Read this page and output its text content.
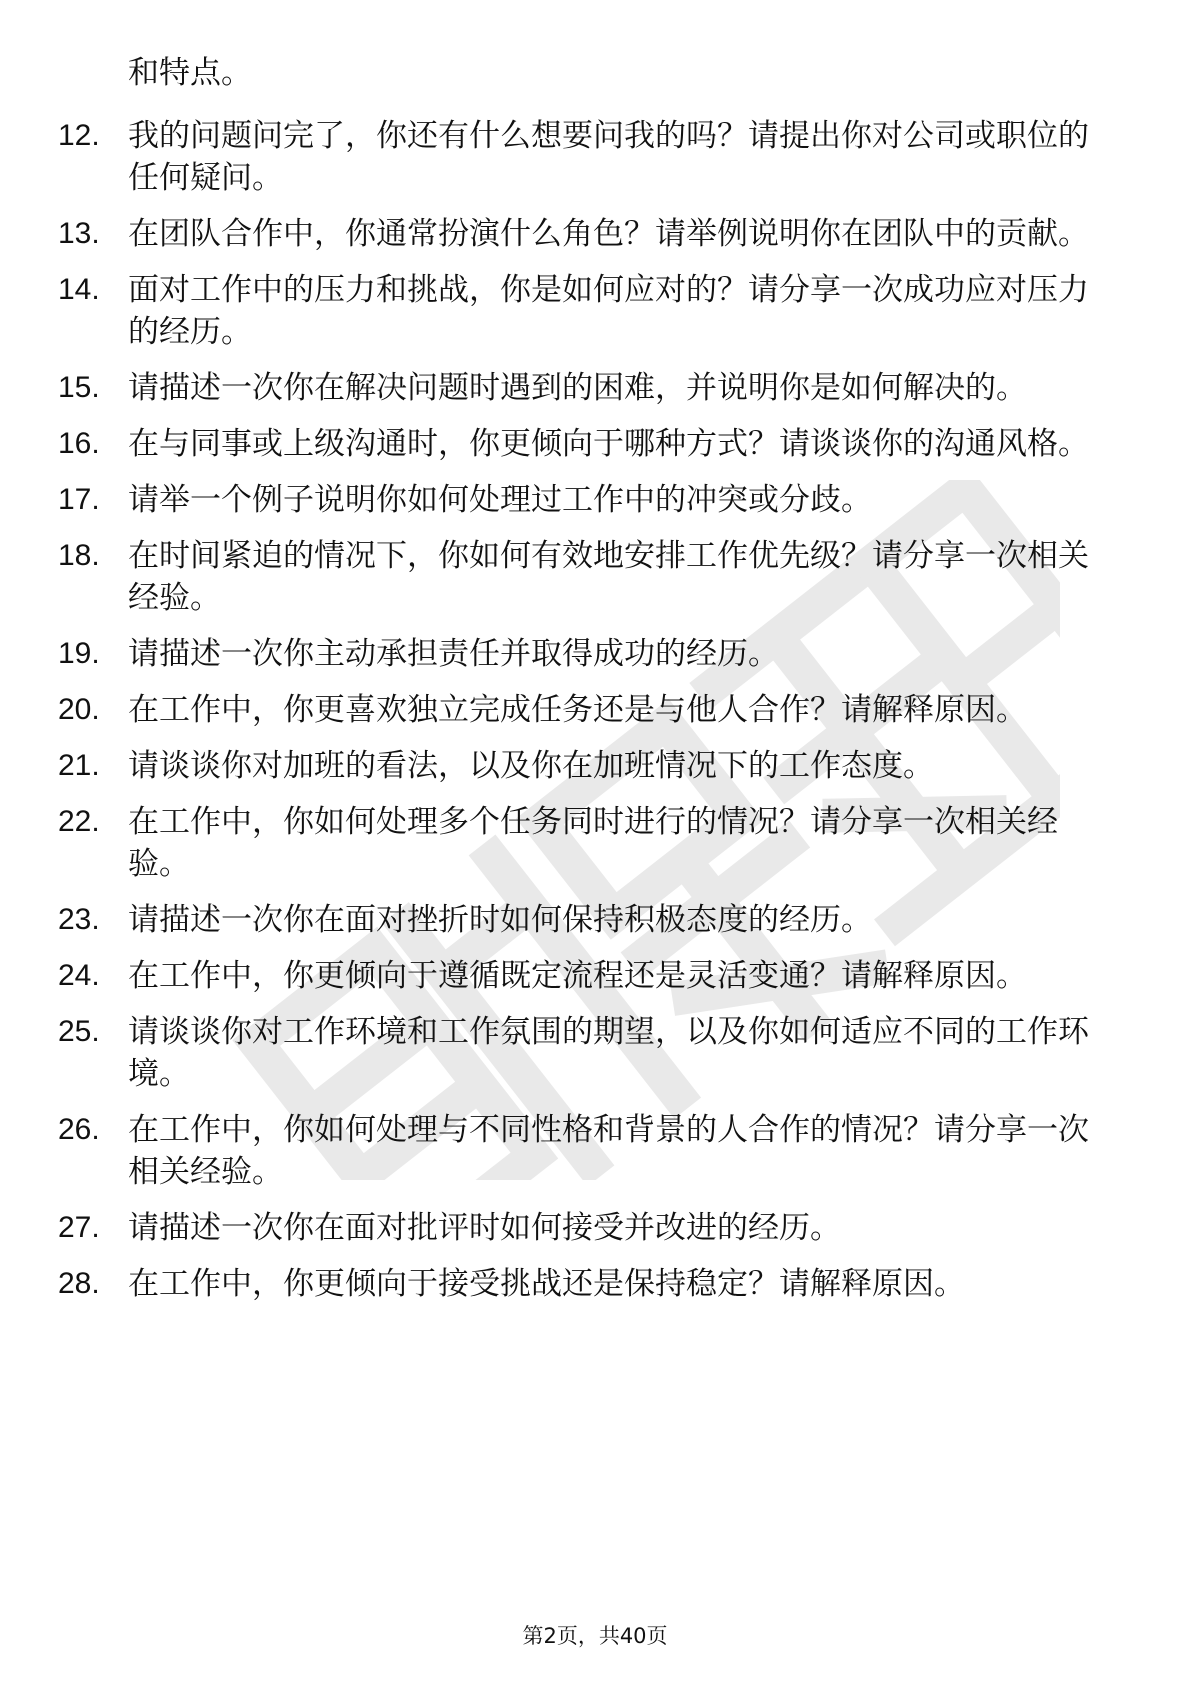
和特点。

12. 我的问题问完了，你还有什么想要问我的吗？请提出你对公司或职位的任何疑问。
13. 在团队合作中，你通常扮演什么角色？请举例说明你在团队中的贡献。
14. 面对工作中的压力和挑战，你是如何应对的？请分享一次成功应对压力的经历。
15. 请描述一次你在解决问题时遇到的困难，并说明你是如何解决的。
16. 在与同事或上级沟通时，你更倾向于哪种方式？请谈谈你的沟通风格。
17. 请举一个例子说明你如何处理过工作中的冲突或分歧。
18. 在时间紧迫的情况下，你如何有效地安排工作优先级？请分享一次相关经验。
19. 请描述一次你主动承担责任并取得成功的经历。
20. 在工作中，你更喜欢独立完成任务还是与他人合作？请解释原因。
21. 请谈谈你对加班的看法，以及你在加班情况下的工作态度。
22. 在工作中，你如何处理多个任务同时进行的情况？请分享一次相关经验。
23. 请描述一次你在面对挫折时如何保持积极态度的经历。
24. 在工作中，你更倾向于遵循既定流程还是灵活变通？请解释原因。
25. 请谈谈你对工作环境和工作氛围的期望，以及你如何适应不同的工作环境。
26. 在工作中，你如何处理与不同性格和背景的人合作的情况？请分享一次相关经验。
27. 请描述一次你在面对批评时如何接受并改进的经历。
28. 在工作中，你更倾向于接受挑战还是保持稳定？请解释原因。
第2页，共40页
